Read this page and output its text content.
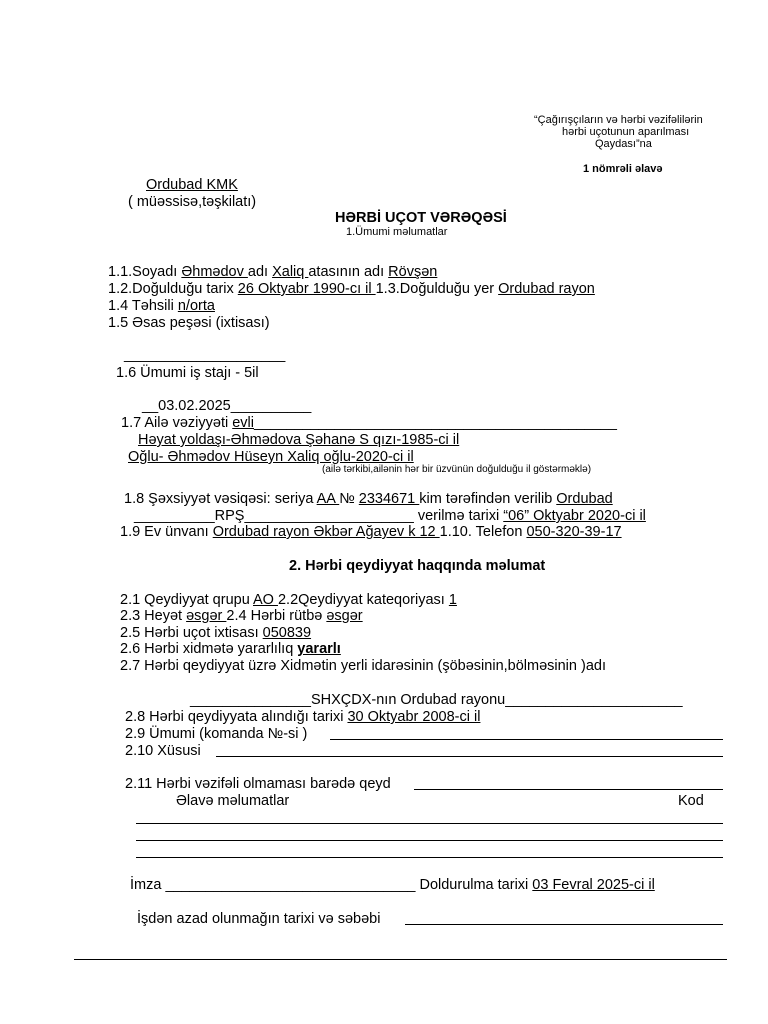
“Çağırışçıların və hərbi vəzifəlilərin
hərbi uçotunun aparılması
Qaydası”na
1 nömrəli əlavə
Ordubad KMK
( müəssisə,təşkilatı)
HƏRBİ UÇOT VƏRƏQƏSİ
1.Ümumi məlumatlar
1.1.Soyadı Əhmədov adı Xaliq atasının adı Rövşən
1.2.Doğulduğu tarix 26 Oktyabr 1990-cı il 1.3.Doğulduğu yer Ordubad rayon
1.4 Təhsili n/orta
1.5 Əsas peşəsi (ixtisası)
____________________
1.6 Ümumi iş stajı - 5il
__03.02.2025__________
1.7 Ailə vəziyyəti evli_____________________________________________
Həyat yoldaşı-Əhmədova Şəhanə S qızı-1985-ci il
Oğlu- Əhmədov Hüseyn Xaliq oğlu-2020-ci il
(ailə tərkibi,ailənin hər bir üzvünün doğulduğu il göstərməklə)
1.8 Şəxsiyyət vəsiqəsi: seriya AA № 2334671 kim tərəfindən verilib Ordubad
__________RPŞ_____________________ verilmə tarixi “06” Oktyabr 2020-ci il
1.9 Ev ünvanı Ordubad rayon Əkbər Ağayev k 12 1.10. Telefon 050-320-39-17
2. Hərbi qeydiyyat haqqında məlumat
2.1 Qeydiyyat qrupu AO 2.2Qeydiyyat kateqoriyası 1
2.3 Heyət əsgər 2.4 Hərbi rütbə əsgər
2.5 Hərbi uçot ixtisası 050839
2.6 Hərbi xidmətə yararlılıq yararlı
2.7 Hərbi qeydiyyat üzrə Xidmətin yerli idarəsinin (şöbəsinin,bölməsinin )adı
_______________SHXÇDX-nın Ordubad rayonu______________________
2.8 Hərbi qeydiyyata alındığı tarixi 30 Oktyabr 2008-ci il
2.9 Ümumi (komanda №-si )
2.10 Xüsusi
2.11 Hərbi vəzifəli olmaması barədə qeyd
Əlavə məlumatlar	Kod
İmza _______________________________ Doldurulma tarixi 03 Fevral 2025-ci il
İşdən azad olunmağın tarixi və səbəbi
